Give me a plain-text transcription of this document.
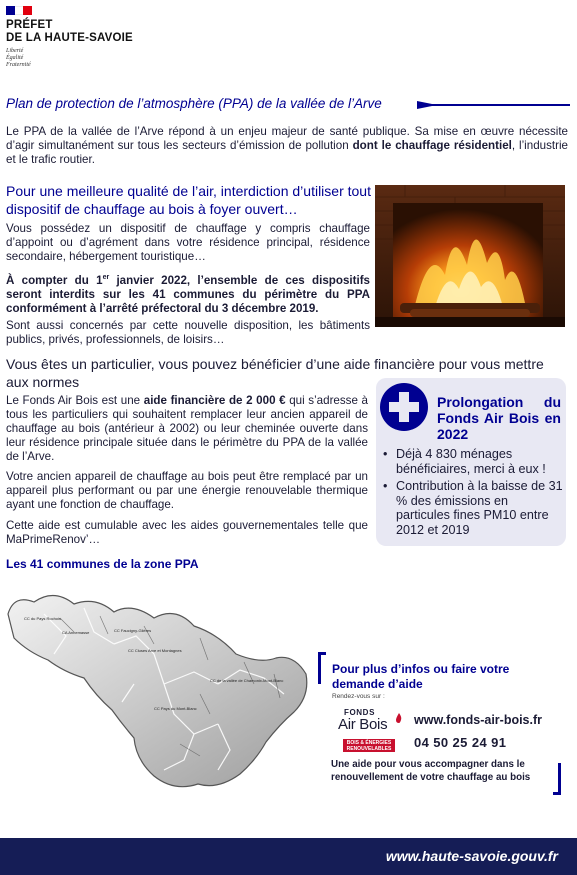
PRÉFET
DE LA HAUTE-SAVOIE
Liberté
Égalité
Fraternité
Plan de protection de l’atmosphère (PPA) de la vallée de l’Arve
Le PPA de la vallée de l’Arve répond à un enjeu majeur de santé publique. Sa mise en œuvre nécessite d’agir simultanément sur tous les secteurs d’émission de pollution dont le chauffage résidentiel, l’industrie et le trafic routier.
Pour une meilleure qualité de l’air, interdiction d’utiliser tout dispositif de chauffage au bois à foyer ouvert…
Vous possédez un dispositif de chauffage y compris chauffage d’appoint ou d’agrément dans votre résidence principal, résidence secondaire, hébergement touristique…
À compter du 1er janvier 2022, l’ensemble de ces dispositifs seront interdits sur les 41 communes du périmètre du PPA conformément à l’arrêté préfectoral du 3 décembre 2019.
Sont aussi concernés par cette nouvelle disposition, les bâtiments publics, privés, professionnels, de loisirs…
Vous êtes un particulier, vous pouvez bénéficier d’une aide financière pour vous mettre aux normes
Le Fonds Air Bois est une aide financière de 2 000 € qui s’adresse à tous les particuliers qui souhaitent remplacer leur ancien appareil de chauffage au bois (antérieur à 2002) ou leur cheminée ouverte dans leur résidence principale située dans le périmètre du PPA de la vallée de l’Arve.
Votre ancien appareil de chauffage au bois peut être remplacé par un appareil plus performant ou par une énergie renouvelable thermique ayant une fonction de chauffage.
Cette aide est cumulable avec les aides gouvernementales telle que MaPrimeRenov’…
Prolongation du Fonds Air Bois en 2022
• Déjà 4 830 ménages bénéficiaires, merci à eux !
• Contribution à la baisse de 31 % des émissions en particules fines PM10 entre 2012 et 2019
Les 41 communes de la zone PPA
CC du Pays Rochois
CA Annemasse	CC Faucigny-Glières
CC Cluses Arve et Montagnes
CC de la vallée de Chamonix-Mont-Blanc
CC Pays du Mont-Blanc
Pour plus d’infos ou faire votre demande d’aide
Rendez-vous sur :
FONDS
Air Bois
BOIS & ÉNERGIES RENOUVELABLES
www.fonds-air-bois.fr
04 50 25 24 91
Une aide pour vous accompagner dans le renouvellement de votre chauffage au bois
www.haute-savoie.gouv.fr
